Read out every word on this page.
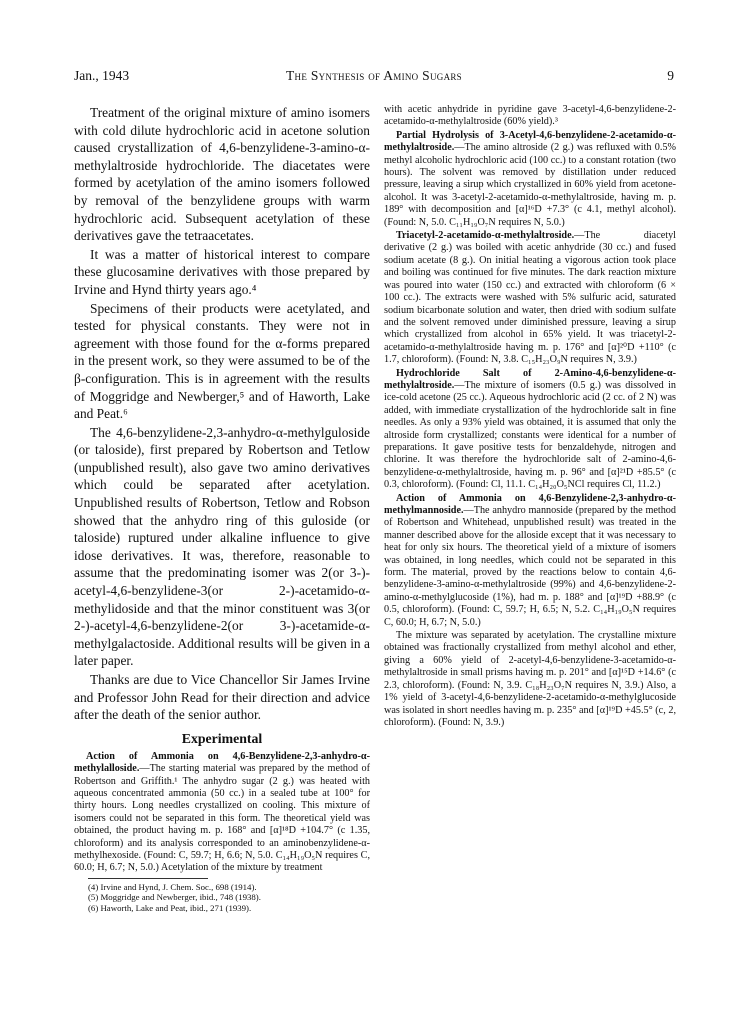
Jan., 1943	The Synthesis of Amino Sugars	9

Treatment of the original mixture of amino isomers with cold dilute hydrochloric acid in acetone solution caused crystallization of 4,6-benzylidene-3-amino-α-methylaltroside hydrochloride. The diacetates were formed by acetylation of the amino isomers followed by removal of the benzylidene groups with warm hydrochloric acid. Subsequent acetylation of these derivatives gave the tetraacetates.

It was a matter of historical interest to compare these glucosamine derivatives with those prepared by Irvine and Hynd thirty years ago.⁴

Specimens of their products were acetylated, and tested for physical constants. They were not in agreement with those found for the α-forms prepared in the present work, so they were assumed to be of the β-configuration. This is in agreement with the results of Moggridge and Newberger,⁵ and of Haworth, Lake and Peat.⁶

The 4,6-benzylidene-2,3-anhydro-α-methylguloside (or taloside), first prepared by Robertson and Tetlow (unpublished result), also gave two amino derivatives which could be separated after acetylation. Unpublished results of Robertson, Tetlow and Robson showed that the anhydro ring of this guloside (or taloside) ruptured under alkaline influence to give idose derivatives. It was, therefore, reasonable to assume that the predominating isomer was 2(or 3-)-acetyl-4,6-benzylidene-3(or 2-)-acetamido-α-methylidoside and that the minor constituent was 3(or 2-)-acetyl-4,6-benzylidene-2(or 3-)-acetamide-α-methylgalactoside. Additional results will be given in a later paper.

Thanks are due to Vice Chancellor Sir James Irvine and Professor John Read for their direction and advice after the death of the senior author.

Experimental

Action of Ammonia on 4,6-Benzylidene-2,3-anhydro-α-methylalloside.—The starting material was prepared by the method of Robertson and Griffith.¹ The anhydro sugar (2 g.) was heated with aqueous concentrated ammonia (50 cc.) in a sealed tube at 100° for thirty hours. Long needles crystallized on cooling. This mixture of isomers could not be separated in this form. The theoretical yield was obtained, the product having m. p. 168° and [α]¹⁸D +104.7° (c 1.35, chloroform) and its analysis corresponded to an aminobenzylidene-α-methylhexoside. (Found: C, 59.7; H, 6.6; N, 5.0. C₁₄H₁₉O₅N requires C, 60.0; H, 6.7; N, 5.0.) Acetylation of the mixture by treatment

(4) Irvine and Hynd, J. Chem. Soc., 698 (1914).
(5) Moggridge and Newberger, ibid., 748 (1938).
(6) Haworth, Lake and Peat, ibid., 271 (1939).

with acetic anhydride in pyridine gave 3-acetyl-4,6-benzylidene-2-acetamido-α-methylaltroside (60% yield).³

Partial Hydrolysis of 3-Acetyl-4,6-benzylidene-2-acetamido-α-methylaltroside.—The amino altroside (2 g.) was refluxed with 0.5% methyl alcoholic hydrochloric acid (100 cc.) to a constant rotation (two hours). The solvent was removed by distillation under reduced pressure, leaving a sirup which crystallized in 60% yield from acetone-alcohol. It was 3-acetyl-2-acetamido-α-methylaltroside, having m. p. 189° with decomposition and [α]¹⁶D +7.3° (c 4.1, methyl alcohol). (Found: N, 5.0. C₁₁H₁₉O₇N requires N, 5.0.)

Triacetyl-2-acetamido-α-methylaltroside.—The diacetyl derivative (2 g.) was boiled with acetic anhydride (30 cc.) and fused sodium acetate (8 g.). On initial heating a vigorous action took place and boiling was continued for five minutes. The dark reaction mixture was poured into water (150 cc.) and extracted with chloroform (6 × 100 cc.). The extracts were washed with 5% sulfuric acid, saturated sodium bicarbonate solution and water, then dried with sodium sulfate and the solvent removed under diminished pressure, leaving a sirup which crystallized from alcohol in 65% yield. It was triacetyl-2-acetamido-α-methylaltroside having m. p. 176° and [α]²⁰D +110° (c 1.7, chloroform). (Found: N, 3.8. C₁₅H₂₃O₉N requires N, 3.9.)

Hydrochloride Salt of 2-Amino-4,6-benzylidene-α-methylaltroside.—The mixture of isomers (0.5 g.) was dissolved in ice-cold acetone (25 cc.). Aqueous hydrochloric acid (2 cc. of 2 N) was added, with immediate crystallization of the hydrochloride salt in fine needles. As only a 93% yield was obtained, it is assumed that only the altroside form crystallized; constants were identical for a number of preparations. It gave positive tests for benzaldehyde, nitrogen and chlorine. It was therefore the hydrochloride salt of 2-amino-4,6-benzylidene-α-methylaltroside, having m. p. 96° and [α]²¹D +85.5° (c 0.3, chloroform). (Found: Cl, 11.1. C₁₄H₂₀O₅NCl requires Cl, 11.2.)

Action of Ammonia on 4,6-Benzylidene-2,3-anhydro-α-methylmannoside.—The anhydro mannoside (prepared by the method of Robertson and Whitehead, unpublished result) was treated in the manner described above for the alloside except that it was necessary to heat for only six hours. The theoretical yield of a mixture of isomers was obtained, in long needles, which could not be separated in this form. The material, proved by the reactions below to contain 4,6-benzylidene-3-amino-α-methylaltroside (99%) and 4,6-benzylidene-2-amino-α-methylglucoside (1%), had m. p. 188° and [α]¹⁹D +88.9° (c 0.5, chloroform). (Found: C, 59.7; H, 6.5; N, 5.2. C₁₄H₁₉O₅N requires C, 60.0; H, 6.7; N, 5.0.)

The mixture was separated by acetylation. The crystalline mixture obtained was fractionally crystallized from methyl alcohol and ether, giving a 60% yield of 2-acetyl-4,6-benzylidene-3-acetamido-α-methylaltroside in small prisms having m. p. 201° and [α]¹⁵D +14.6° (c 2.3, chloroform). (Found: N, 3.9. C₁₈H₂₃O₇N requires N, 3.9.) Also, a 1% yield of 3-acetyl-4,6-benzylidene-2-acetamido-α-methylglucoside was isolated in short needles having m. p. 235° and [α]¹⁹D +45.5° (c, 2, chloroform). (Found: N, 3.9.)
